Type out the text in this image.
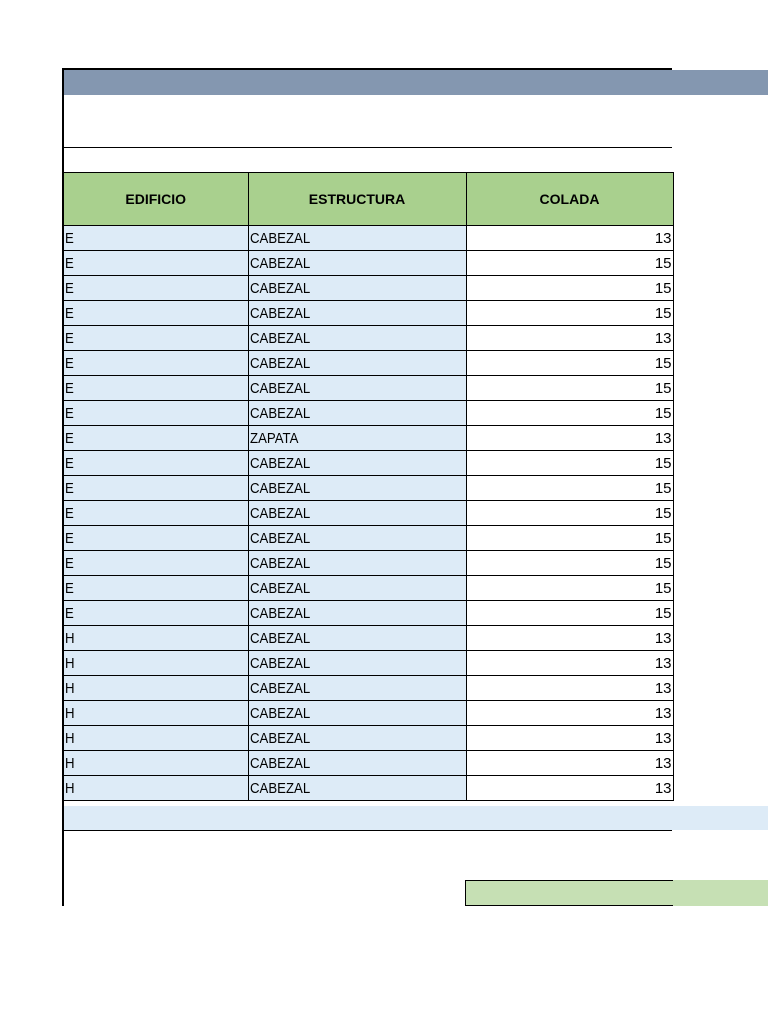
EDIFICIO	ESTRUCTURA	COLADA
E	CABEZAL	13
E	CABEZAL	15
E	CABEZAL	15
E	CABEZAL	15
E	CABEZAL	13
E	CABEZAL	15
E	CABEZAL	15
E	CABEZAL	15
E	ZAPATA	13
E	CABEZAL	15
E	CABEZAL	15
E	CABEZAL	15
E	CABEZAL	15
E	CABEZAL	15
E	CABEZAL	15
E	CABEZAL	15
H	CABEZAL	13
H	CABEZAL	13
H	CABEZAL	13
H	CABEZAL	13
H	CABEZAL	13
H	CABEZAL	13
H	CABEZAL	13
